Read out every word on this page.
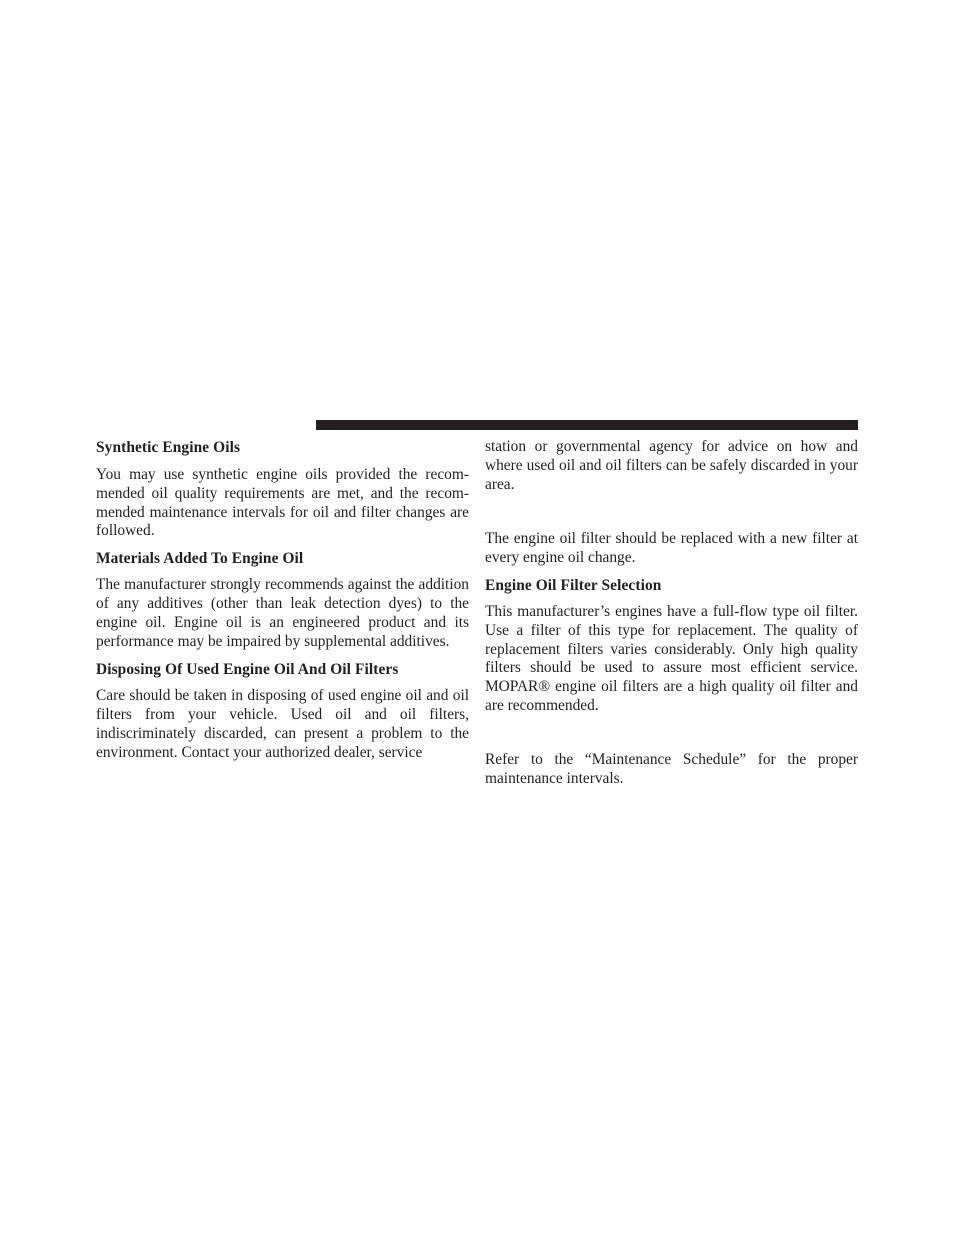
Synthetic Engine Oils

You may use synthetic engine oils provided the recommended oil quality requirements are met, and the recommended maintenance intervals for oil and filter changes are followed.

Materials Added To Engine Oil

The manufacturer strongly recommends against the addition of any additives (other than leak detection dyes) to the engine oil. Engine oil is an engineered product and its performance may be impaired by supplemental additives.

Disposing Of Used Engine Oil And Oil Filters

Care should be taken in disposing of used engine oil and oil filters from your vehicle. Used oil and oil filters, indiscriminately discarded, can present a problem to the environment. Contact your authorized dealer, service

station or governmental agency for advice on how and where used oil and oil filters can be safely discarded in your area.

The engine oil filter should be replaced with a new filter at every engine oil change.

Engine Oil Filter Selection

This manufacturer’s engines have a full-flow type oil filter. Use a filter of this type for replacement. The quality of replacement filters varies considerably. Only high quality filters should be used to assure most efficient service. MOPAR® engine oil filters are a high quality oil filter and are recommended.

Refer to the “Maintenance Schedule” for the proper maintenance intervals.
